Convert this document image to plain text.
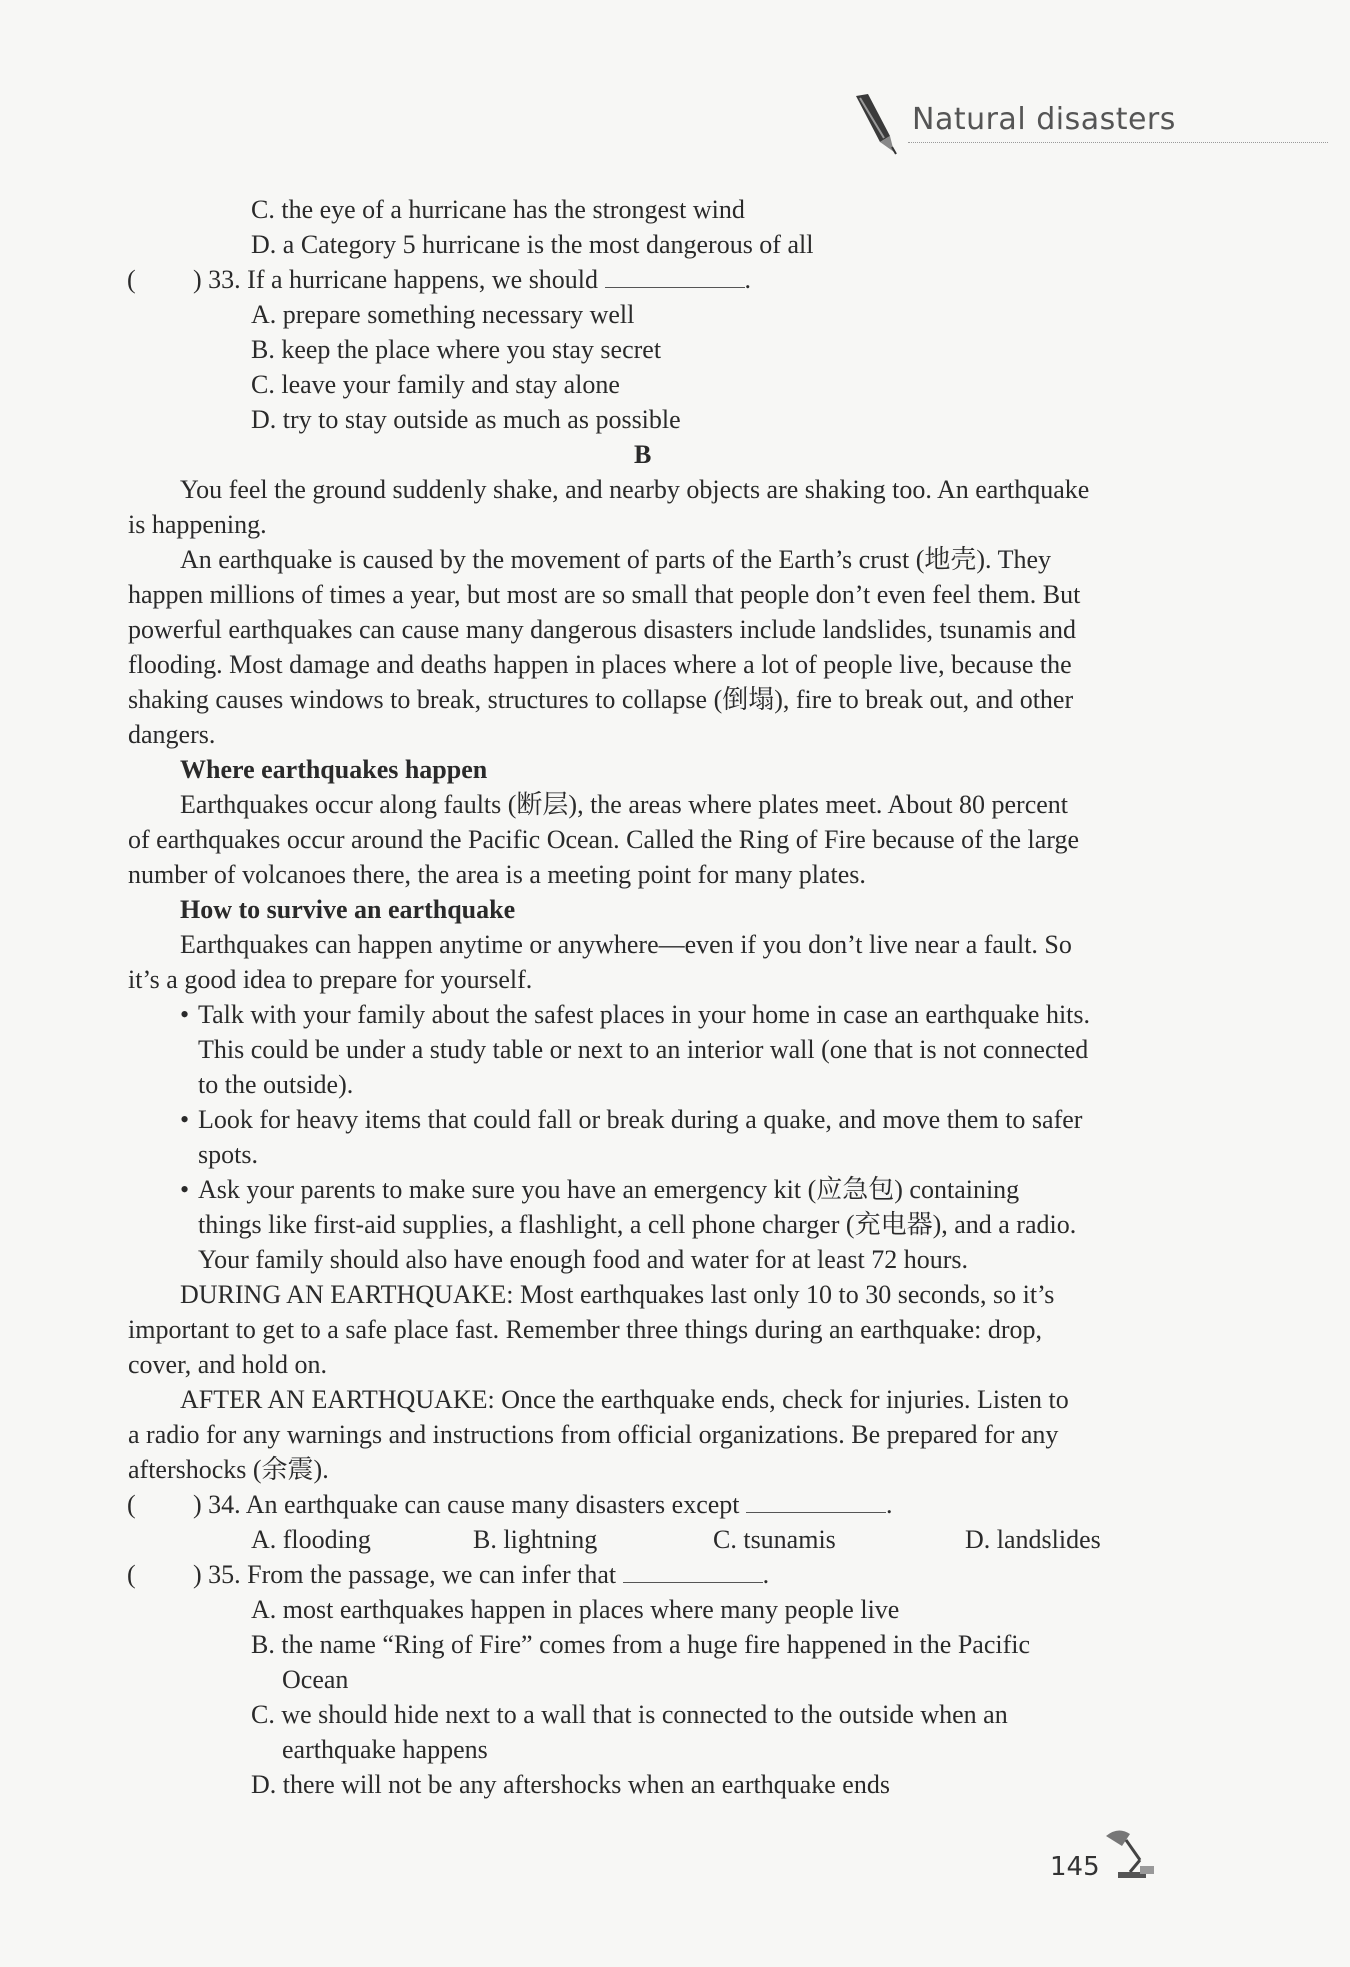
Natural disasters
C. the eye of a hurricane has the strongest wind
D. a Category 5 hurricane is the most dangerous of all
( ) 33. If a hurricane happens, we should	.
A. prepare something necessary well
B. keep the place where you stay secret
C. leave your family and stay alone
D. try to stay outside as much as possible
B
You feel the ground suddenly shake, and nearby objects are shaking too. An earthquake
is happening.
An earthquake is caused by the movement of parts of the Earth’s crust (地壳). They
happen millions of times a year, but most are so small that people don’t even feel them. But
powerful earthquakes can cause many dangerous disasters include landslides, tsunamis and
flooding. Most damage and deaths happen in places where a lot of people live, because the
shaking causes windows to break, structures to collapse (倒塌), fire to break out, and other
dangers.
Where earthquakes happen
Earthquakes occur along faults (断层), the areas where plates meet. About 80 percent
of earthquakes occur around the Pacific Ocean. Called the Ring of Fire because of the large
number of volcanoes there, the area is a meeting point for many plates.
How to survive an earthquake
Earthquakes can happen anytime or anywhere—even if you don’t live near a fault. So
it’s a good idea to prepare for yourself.
• Talk with your family about the safest places in your home in case an earthquake hits.
This could be under a study table or next to an interior wall (one that is not connected
to the outside).
• Look for heavy items that could fall or break during a quake, and move them to safer
spots.
• Ask your parents to make sure you have an emergency kit (应急包) containing
things like first-aid supplies, a flashlight, a cell phone charger (充电器), and a radio.
Your family should also have enough food and water for at least 72 hours.
DURING AN EARTHQUAKE: Most earthquakes last only 10 to 30 seconds, so it’s
important to get to a safe place fast. Remember three things during an earthquake: drop,
cover, and hold on.
AFTER AN EARTHQUAKE: Once the earthquake ends, check for injuries. Listen to
a radio for any warnings and instructions from official organizations. Be prepared for any
aftershocks (余震).
( ) 34. An earthquake can cause many disasters except	.
A. flooding	B. lightning	C. tsunamis	D. landslides
( ) 35. From the passage, we can infer that	.
A. most earthquakes happen in places where many people live
B. the name “Ring of Fire” comes from a huge fire happened in the Pacific
Ocean
C. we should hide next to a wall that is connected to the outside when an
earthquake happens
D. there will not be any aftershocks when an earthquake ends
145
